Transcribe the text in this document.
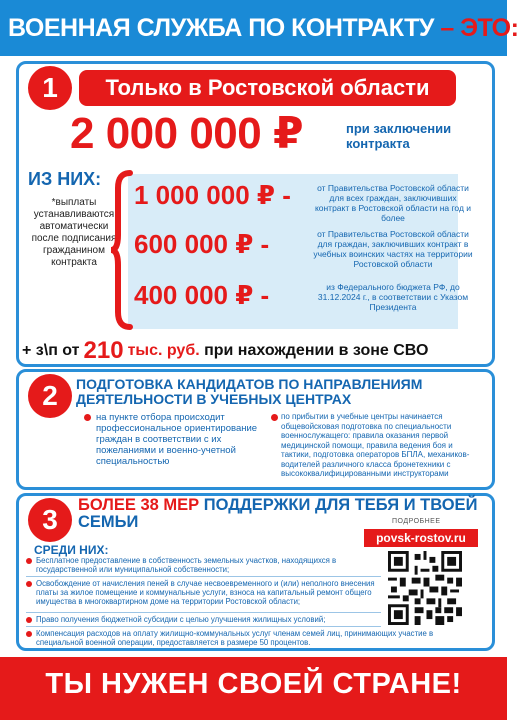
ВОЕННАЯ СЛУЖБА ПО КОНТРАКТУ – ЭТО:
1	Только в Ростовской области
2 000 000 ₽	при заключении контракта
ИЗ НИХ:
*выплаты устанавливаются автоматически после подписания гражданином контракта
1 000 000 ₽ -	от Правительства Ростовской области для всех граждан, заключивших контракт в Ростовской области на год и более
600 000 ₽ -	от Правительства Ростовской области для граждан, заключивших контракт в учебных воинских частях на территории Ростовской области
400 000 ₽ -	из Федерального бюджета РФ, до 31.12.2024 г., в соответствии с Указом Президента
+ з\п от 210 тыс. руб. при нахождении в зоне СВО
2	ПОДГОТОВКА КАНДИДАТОВ ПО НАПРАВЛЕНИЯМ ДЕЯТЕЛЬНОСТИ В УЧЕБНЫХ ЦЕНТРАХ
на пункте отбора происходит профессиональное ориентирование граждан в соответствии с их пожеланиями и военно-учетной специальностью
по прибытии в учебные центры начинается общевойсковая подготовка по специальности военнослужащего: правила оказания первой медицинской помощи, правила ведения боя и тактики, подготовка операторов БПЛА, механиков-водителей различного класса бронетехники с высококвалифицированными инструкторами
3	БОЛЕЕ 38 МЕР ПОДДЕРЖКИ ДЛЯ ТЕБЯ И ТВОЕЙ СЕМЬИ
СРЕДИ НИХ:
ПОДРОБНЕЕ
povsk-rostov.ru
Бесплатное предоставление в собственность земельных участков, находящихся в государственной или муниципальной собственности;
Освобождение от начисления пеней в случае несвоевременного и (или) неполного внесения платы за жилое помещение и коммунальные услуги, взноса на капитальный ремонт общего имущества в многоквартирном доме на территории Ростовской области;
Право получения бюджетной субсидии с целью улучшения жилищных условий;
Компенсация расходов на оплату жилищно-коммунальных услуг членам семей лиц, принимающих участие в специальной военной операции, предоставляется в размере 50 процентов.
ТЫ НУЖЕН СВОЕЙ СТРАНЕ!
